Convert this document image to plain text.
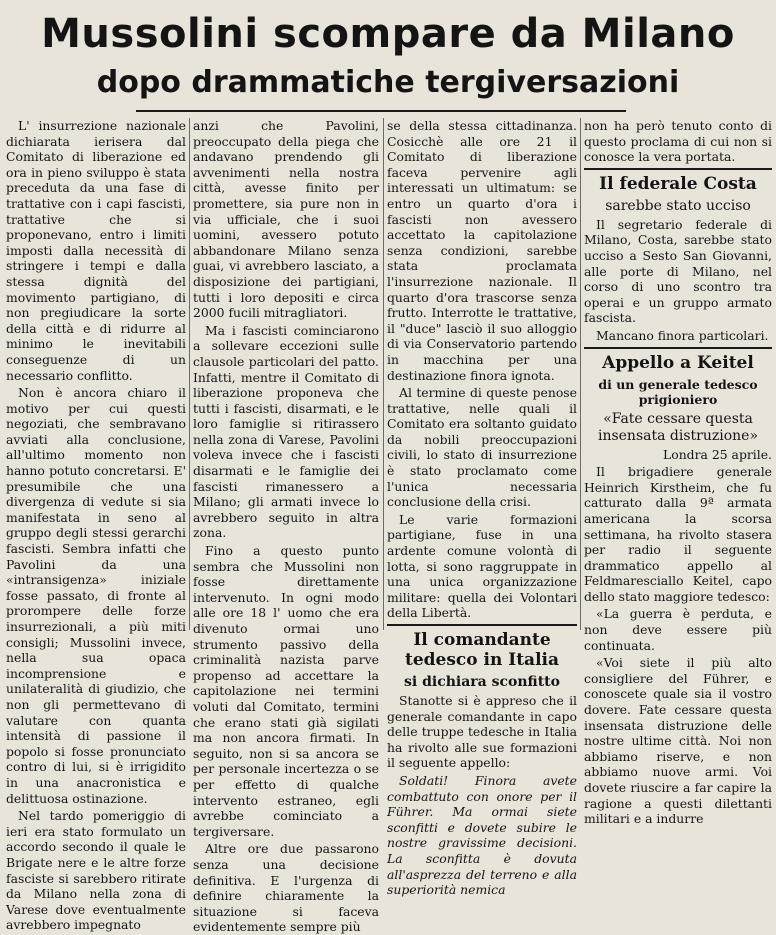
Mussolini scompare da Milano
dopo drammatiche tergiversazioni

L' insurrezione nazionale dichiarata ierisera dal Comitato di liberazione ed ora in pieno sviluppo è stata preceduta da una fase di trattative con i capi fascisti, trattative che si proponevano, entro i limiti imposti dalla necessità di stringere i tempi e dalla stessa dignità del movimento partigiano, di non pregiudicare la sorte della città e di ridurre al minimo le inevitabili conseguenze di un necessario conflitto.

Non è ancora chiaro il motivo per cui questi negoziati, che sembravano avviati alla conclusione, all'ultimo momento non hanno potuto concretarsi. E' presumibile che una divergenza di vedute si sia manifestata in seno al gruppo degli stessi gerarchi fascisti. Sembra infatti che Pavolini da una «intransigenza» iniziale fosse passato, di fronte al prorompere delle forze insurrezionali, a più miti consigli; Mussolini invece, nella sua opaca incomprensione e unilateralità di giudizio, che non gli permettevano di valutare con quanta intensità di passione il popolo si fosse pronunciato contro di lui, si è irrigidito in una anacronistica e delittuosa ostinazione.

Nel tardo pomeriggio di ieri era stato formulato un accordo secondo il quale le Brigate nere e le altre forze fasciste si sarebbero ritirate da Milano nella zona di Varese dove eventualmente avrebbero impegnato

anzi che Pavolini, preoccupato della piega che andavano prendendo gli avvenimenti nella nostra città, avesse finito per promettere, sia pure non in via ufficiale, che i suoi uomini, avessero potuto abbandonare Milano senza guai, vi avrebbero lasciato, a disposizione dei partigiani, tutti i loro depositi e circa 2000 fucili mitragliatori.

Ma i fascisti cominciarono a sollevare eccezioni sulle clausole particolari del patto. Infatti, mentre il Comitato di liberazione proponeva che tutti i fascisti, disarmati, e le loro famiglie si ritirassero nella zona di Varese, Pavolini voleva invece che i fascisti disarmati e le famiglie dei fascisti rimanessero a Milano; gli armati invece lo avrebbero seguito in altra zona.

Fino a questo punto sembra che Mussolini non fosse direttamente intervenuto. In ogni modo alle ore 18 l' uomo che era divenuto ormai uno strumento passivo della criminalità nazista parve propenso ad accettare la capitolazione nei termini voluti dal Comitato, termini che erano stati già sigilati ma non ancora firmati. In seguito, non si sa ancora se per personale incertezza o se per effetto di qualche intervento estraneo, egli avrebbe cominciato a tergiversare.

Altre ore due passarono senza una decisione definitiva. E l'urgenza di definire chiaramente la situazione si faceva evidentemente sempre più

se della stessa cittadinanza. Cosicchè alle ore 21 il Comitato di liberazione faceva pervenire agli interessati un ultimatum: se entro un quarto d'ora i fascisti non avessero accettato la capitolazione senza condizioni, sarebbe stata proclamata l'insurrezione nazionale. Il quarto d'ora trascorse senza frutto. Interrotte le trattative, il "duce" lasciò il suo alloggio di via Conservatorio partendo in macchina per una destinazione finora ignota.

Al termine di queste penose trattative, nelle quali il Comitato era soltanto guidato da nobili preoccupazioni civili, lo stato di insurrezione è stato proclamato come l'unica necessaria conclusione della crisi.

Le varie formazioni partigiane, fuse in una ardente comune volontà di lotta, si sono raggruppate in una unica organizzazione militare: quella dei Volontari della Libertà.

Il comandante tedesco in Italia
si dichiara sconfitto

Stanotte si è appreso che il generale comandante in capo delle truppe tedesche in Italia ha rivolto alle sue formazioni il seguente appello:

Soldati! Finora avete combattuto con onore per il Führer. Ma ormai siete sconfitti e dovete subire le nostre gravissime decisioni. La sconfitta è dovuta all'asprezza del terreno e alla superiorità nemica

non ha però tenuto conto di questo proclama di cui non si conosce la vera portata.

Il federale Costa
sarebbe stato ucciso

Il segretario federale di Milano, Costa, sarebbe stato ucciso a Sesto San Giovanni, alle porte di Milano, nel corso di uno scontro tra operai e un gruppo armato fascista.

Mancano finora particolari.

Appello a Keitel
di un generale tedesco prigioniero
«Fate cessare questa insensata distruzione»

Londra 25 aprile.

Il brigadiere generale Heinrich Kirstheim, che fu catturato dalla 9ª armata americana la scorsa settimana, ha rivolto stasera per radio il seguente drammatico appello al Feldmaresciallo Keitel, capo dello stato maggiore tedesco:

«La guerra è perduta, e non deve essere più continuata.

«Voi siete il più alto consigliere del Führer, e conoscete quale sia il vostro dovere. Fate cessare questa insensata distruzione delle nostre ultime città. Noi non abbiamo riserve, e non abbiamo nuove armi. Voi dovete riuscire a far capire la ragione a questi dilettanti militari e a indurre
